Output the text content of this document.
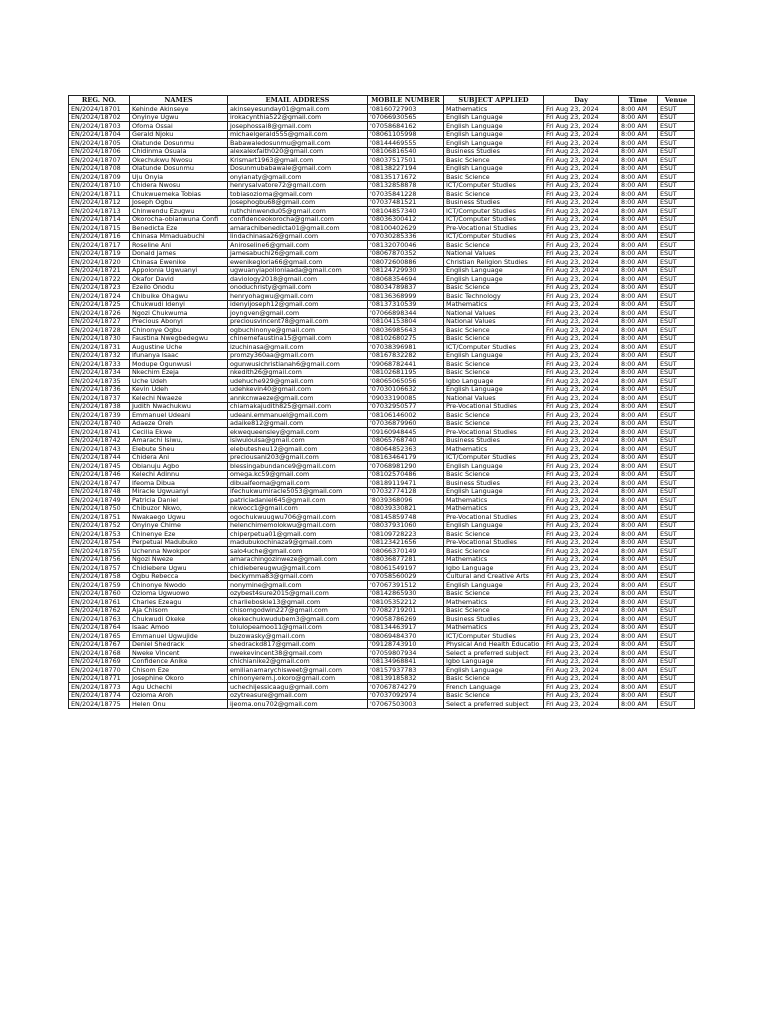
REG. NO.	NAMES	EMAIL ADDRESS	MOBILE NUMBER	SUBJECT APPLIED	Day	Time	Venue
EN/2024/18701	Kehinde Akinseye	akinseyesunday01@gmail.com	'08160727903	Mathematics	Fri Aug 23, 2024	8:00 AM	ESUT
EN/2024/18702	Onyinye Ugwu	irokacynthia522@gmail.com	'07066930565	English Language	Fri Aug 23, 2024	8:00 AM	ESUT
EN/2024/18703	Ofoma Ossai	josephossai8@gmail.com	'07058684162	English Language	Fri Aug 23, 2024	8:00 AM	ESUT
EN/2024/18704	Gerald Njoku	michaelgerald555@gmail.com	'08061105998	English Language	Fri Aug 23, 2024	8:00 AM	ESUT
EN/2024/18705	Olatunde Dosunmu	Babawaledosunmu@gmail.com	'08144469555	English Language	Fri Aug 23, 2024	8:00 AM	ESUT
EN/2024/18706	Chidinma Osuala	alexalexfaith020@gmail.com	'08106816540	Business Studies	Fri Aug 23, 2024	8:00 AM	ESUT
EN/2024/18707	Okechukwu Nwosu	Krismart1963@gmail.com	'08037517501	Basic Science	Fri Aug 23, 2024	8:00 AM	ESUT
EN/2024/18708	Olatunde Dosunmu	Dosunmubabawale@gmail.com	'08138227194	English Language	Fri Aug 23, 2024	8:00 AM	ESUT
EN/2024/18709	Uju Onyia	onyianaty@gmail.com	'08135171672	Basic Science	Fri Aug 23, 2024	8:00 AM	ESUT
EN/2024/18710	Chidera Nwosu	henrysalvatore72@gmail.com	'08132858878	ICT/Computer Studies	Fri Aug 23, 2024	8:00 AM	ESUT
EN/2024/18711	Chukwuemeka Tobias	tobiasozioma@gmail.com	'07035841228	Basic Science	Fri Aug 23, 2024	8:00 AM	ESUT
EN/2024/18712	Joseph Ogbu	Josephogbu68@gmail.com	'07037481521	Business Studies	Fri Aug 23, 2024	8:00 AM	ESUT
EN/2024/18713	Chinwendu Ezugwu	ruthchinwendu05@gmail.com	'08104857340	ICT/Computer Studies	Fri Aug 23, 2024	8:00 AM	ESUT
EN/2024/18714	Okorocha-obianwuna Confi	confidenceokorocha@gmail.com	'08036300412	ICT/Computer Studies	Fri Aug 23, 2024	8:00 AM	ESUT
EN/2024/18715	Benedicta Eze	amarachibenedicta01@gmail.com	'08100402629	Pre-Vocational Studies	Fri Aug 23, 2024	8:00 AM	ESUT
EN/2024/18716	Chinasa Mmaduabuchi	lindachinasa26@gmail.com	'07030285336	ICT/Computer Studies	Fri Aug 23, 2024	8:00 AM	ESUT
EN/2024/18717	Roseline Ani	Aniroseline6@gmail.com	'08132070046	Basic Science	Fri Aug 23, 2024	8:00 AM	ESUT
EN/2024/18719	Donald James	jamesabuchi26@gmail.com	'08067870352	National Values	Fri Aug 23, 2024	8:00 AM	ESUT
EN/2024/18720	Chinasa Ewenike	ewenikegloria66@gmail.com	'08072600886	Christian Religion Studies	Fri Aug 23, 2024	8:00 AM	ESUT
EN/2024/18721	Appolonia Ugwuanyi	ugwuanyiapolloniaada@gmail.com	'08124729930	English Language	Fri Aug 23, 2024	8:00 AM	ESUT
EN/2024/18722	Okafor David	daviology2018@gmail.com	'08068354694	English Language	Fri Aug 23, 2024	8:00 AM	ESUT
EN/2024/18723	Ezeilo Onodu	onoduchristy@gmail.com	'08034789837	Basic Science	Fri Aug 23, 2024	8:00 AM	ESUT
EN/2024/18724	Chibuike Ohagwu	henryohagwu@gmail.com	'08136368999	Basic Technology	Fri Aug 23, 2024	8:00 AM	ESUT
EN/2024/18725	Chukwudi Idenyi	idenyijoseph12@gmail.com	'08137310539	Mathematics	Fri Aug 23, 2024	8:00 AM	ESUT
EN/2024/18726	Ngozi Chukwuma	joyngven@gmail.com	'07066898344	National Values	Fri Aug 23, 2024	8:00 AM	ESUT
EN/2024/18727	Precious Abonyi	preciousvincent78@gmail.com	'08104153804	National Values	Fri Aug 23, 2024	8:00 AM	ESUT
EN/2024/18728	Chinonye Ogbu	ogbuchinonye@gmail.com	'08036985643	Basic Science	Fri Aug 23, 2024	8:00 AM	ESUT
EN/2024/18730	Faustina Nwegbedegwu	chinemefaustina15@gmail.com	'08102680275	Basic Science	Fri Aug 23, 2024	8:00 AM	ESUT
EN/2024/18731	Augustine Uche	izuchinasa@gmail.com	'07038396981	ICT/Computer Studies	Fri Aug 23, 2024	8:00 AM	ESUT
EN/2024/18732	Ifunanya Isaac	promzy360aa@gmail.com	'08167832282	English Language	Fri Aug 23, 2024	8:00 AM	ESUT
EN/2024/18733	Modupe Ogunwusi	ogunwusichristianah6@gmail.com	'09068782441	Basic Science	Fri Aug 23, 2024	8:00 AM	ESUT
EN/2024/18734	Nkechim Ezeja	nkedith26@gmail.com	'08102681195	Basic Science	Fri Aug 23, 2024	8:00 AM	ESUT
EN/2024/18735	Uche Udeh	udehuche929@gmail.com	'08065065056	Igbo Language	Fri Aug 23, 2024	8:00 AM	ESUT
EN/2024/18736	Kevin Udeh	udehkevin40@gmail.com	'07030106632	English Language	Fri Aug 23, 2024	8:00 AM	ESUT
EN/2024/18737	Kelechi Nwaeze	annkcnwaeze@gmail.com	'09033190085	National Values	Fri Aug 23, 2024	8:00 AM	ESUT
EN/2024/18738	Judith Nwachukwu	chiamakajudith825@gmail.com	'07032950577	Pre-Vocational Studies	Fri Aug 23, 2024	8:00 AM	ESUT
EN/2024/18739	Emmanuel Udeani	udeani.emmanuel@gmail.com	'08106146002	Basic Science	Fri Aug 23, 2024	8:00 AM	ESUT
EN/2024/18740	Adaeze Oreh	adaike812@gmail.com	'07036879960	Basic Science	Fri Aug 23, 2024	8:00 AM	ESUT
EN/2024/18741	Cecilia Ekwe	ekwequeensley@gmail.com	'09160948445	Pre-Vocational Studies	Fri Aug 23, 2024	8:00 AM	ESUT
EN/2024/18742	Amarachi Isiwu,	isiwuiouisa@gmail.com	'08065768740	Business Studies	Fri Aug 23, 2024	8:00 AM	ESUT
EN/2024/18743	Elebute Sheu	elebutesheu12@gmail.com	'08064852363	Mathematics	Fri Aug 23, 2024	8:00 AM	ESUT
EN/2024/18744	Chidera Ani	preciousani203@gmail.com	'08163464179	ICT/Computer Studies	Fri Aug 23, 2024	8:00 AM	ESUT
EN/2024/18745	Obianuju Agbo	blessingabundance9@gmail.com	'07068981290	English Language	Fri Aug 23, 2024	8:00 AM	ESUT
EN/2024/18746	Kelechi Adinnu	omega.kc59@gmail.com	'08102570486	Basic Science	Fri Aug 23, 2024	8:00 AM	ESUT
EN/2024/18747	Ifeoma Dibua	dibuaifeoma@gmail.com	'08189119471	Business Studies	Fri Aug 23, 2024	8:00 AM	ESUT
EN/2024/18748	Miracle Ugwuanyi	ifechukwumiracle5053@gmail.com	'07032774128	English Language	Fri Aug 23, 2024	8:00 AM	ESUT
EN/2024/18749	Patricia Daniel	patriciadaniel645@gmail.com	'8039368096	Mathematics	Fri Aug 23, 2024	8:00 AM	ESUT
EN/2024/18750	Chibuzor Nkwo,	nkwocc1@gmail.com	'08039330821	Mathematics	Fri Aug 23, 2024	8:00 AM	ESUT
EN/2024/18751	Nwakaego Ugwu	ogochukwuugwu706@gmail.com	'08145859748	Pre-Vocational Studies	Fri Aug 23, 2024	8:00 AM	ESUT
EN/2024/18752	Onyinye Chime	helenchimemolokwu@gmail.com	'08037931060	English Language	Fri Aug 23, 2024	8:00 AM	ESUT
EN/2024/18753	Chinenye Eze	chiperpetua01@gmail.com	'08109728223	Basic Science	Fri Aug 23, 2024	8:00 AM	ESUT
EN/2024/18754	Perpetual Madubuko	madubukochinaza9@gmail.com	'08123421656	Pre-Vocational Studies	Fri Aug 23, 2024	8:00 AM	ESUT
EN/2024/18755	Uchenna Nwokpor	salo4uche@gmail.com	'08066370149	Basic Science	Fri Aug 23, 2024	8:00 AM	ESUT
EN/2024/18756	Ngozi Nweze	amarachingozinweze@gmail.com	'08036877281	Mathematics	Fri Aug 23, 2024	8:00 AM	ESUT
EN/2024/18757	Chidiebere Ugwu	chidiebereugwu@gmail.com	'08061549197	Igbo Language	Fri Aug 23, 2024	8:00 AM	ESUT
EN/2024/18758	Ogbu Rebecca	beckymma83@gmail.com	'07058560029	Cultural and Creative Arts	Fri Aug 23, 2024	8:00 AM	ESUT
EN/2024/18759	Chinonye Nwodo	nonymine@gmail.com	'07067391512	English Language	Fri Aug 23, 2024	8:00 AM	ESUT
EN/2024/18760	Ozioma Ugwuowo	ozybest4sure2015@gmail.com	'08142865930	Basic Science	Fri Aug 23, 2024	8:00 AM	ESUT
EN/2024/18761	Charles Ezeagu	charlieboskie13@gmail.com	'08105352212	Mathematics	Fri Aug 23, 2024	8:00 AM	ESUT
EN/2024/18762	Aja Chisom	chisomgodwin227@gmail.com	'07082719201	Basic Science	Fri Aug 23, 2024	8:00 AM	ESUT
EN/2024/18763	Chukwudi Okeke	okekechukwudubem3@gmail.com	'09058786269	Business Studies	Fri Aug 23, 2024	8:00 AM	ESUT
EN/2024/18764	Isaac Amoo	tolulopeamoo11@gmail.com	'08134463917	Mathematics	Fri Aug 23, 2024	8:00 AM	ESUT
EN/2024/18765	Emmanuel Ugwujide	buzowasky@gmail.com	'08069484370	ICT/Computer Studies	Fri Aug 23, 2024	8:00 AM	ESUT
EN/2024/18767	Deniel Shedrack	shedrackd817@gmail.com	'09128743910	Physical And Health Educatio	Fri Aug 23, 2024	8:00 AM	ESUT
EN/2024/18768	Nweke Vincent	nwekevincent38@gmail.com	'07059807934	Select a preferred subject	Fri Aug 23, 2024	8:00 AM	ESUT
EN/2024/18769	Confidence Anike	chichianike2@gmail.com	'08134968841	Igbo Language	Fri Aug 23, 2024	8:00 AM	ESUT
EN/2024/18770	Chisom Eze	emilianamarychisweet@gmail.com	'08157937783	English Language	Fri Aug 23, 2024	8:00 AM	ESUT
EN/2024/18771	Josephine Okoro	chinonyerem.j.okoro@gmail.com	'08139185832	Basic Science	Fri Aug 23, 2024	8:00 AM	ESUT
EN/2024/18773	Agu Uchechi	uchechijessicaagu@gmail.com	'07067874279	French Language	Fri Aug 23, 2024	8:00 AM	ESUT
EN/2024/18774	Ozioma Aroh	ozytreasure@gmail.com	'07037092974	Basic Science	Fri Aug 23, 2024	8:00 AM	ESUT
EN/2024/18775	Helen Onu	ijeoma.onu702@gmail.com	'07067503003	Select a preferred subject	Fri Aug 23, 2024	8:00 AM	ESUT
